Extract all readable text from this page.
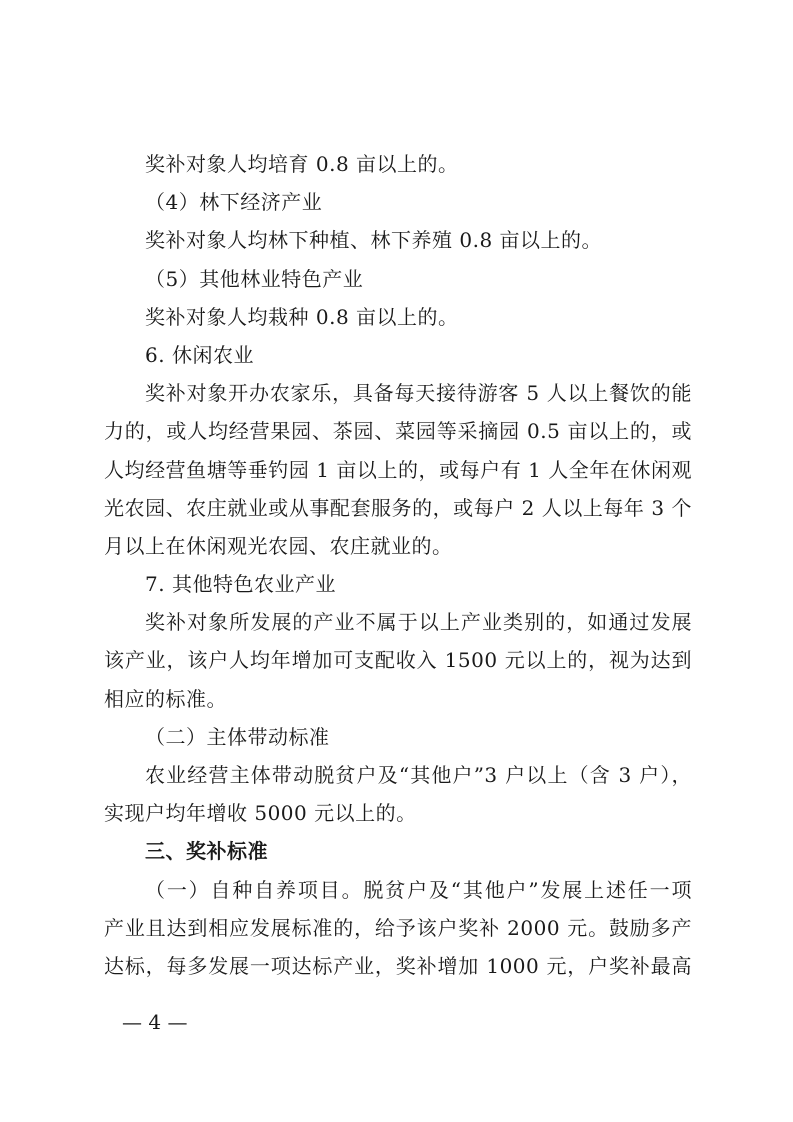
奖补对象人均培育 0.8 亩以上的。
（4）林下经济产业
奖补对象人均林下种植、林下养殖 0.8 亩以上的。
（5）其他林业特色产业
奖补对象人均栽种 0.8 亩以上的。
6. 休闲农业
奖补对象开办农家乐，具备每天接待游客 5 人以上餐饮的能
力的，或人均经营果园、茶园、菜园等采摘园 0.5 亩以上的，或
人均经营鱼塘等垂钓园 1 亩以上的，或每户有 1 人全年在休闲观
光农园、农庄就业或从事配套服务的，或每户 2 人以上每年 3 个
月以上在休闲观光农园、农庄就业的。
7. 其他特色农业产业
奖补对象所发展的产业不属于以上产业类别的，如通过发展
该产业，该户人均年增加可支配收入 1500 元以上的，视为达到
相应的标准。
（二）主体带动标准
农业经营主体带动脱贫户及“其他户”3 户以上（含 3 户），
实现户均年增收 5000 元以上的。
三、奖补标准
（一）自种自养项目。脱贫户及“其他户”发展上述任一项
产业且达到相应发展标准的，给予该户奖补 2000 元。鼓励多产
达标，每多发展一项达标产业，奖补增加 1000 元，户奖补最高
— 4 —
